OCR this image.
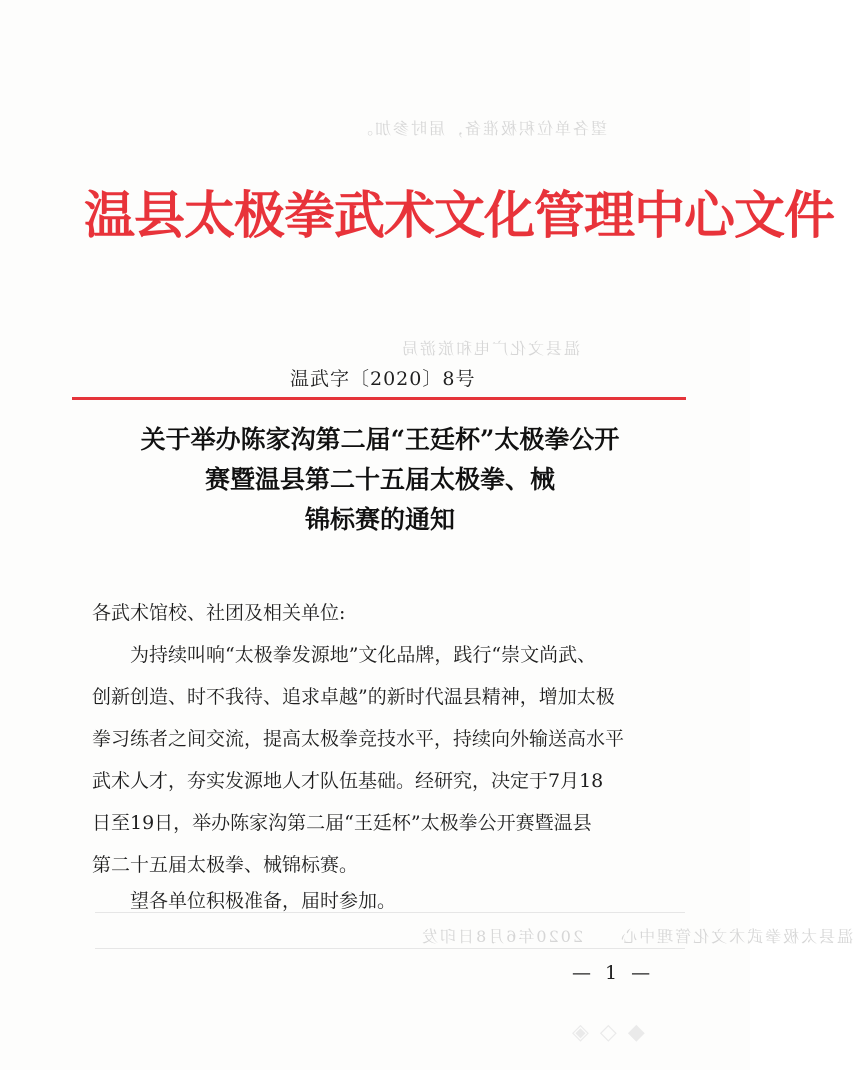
望各单位积极准备，届时参加。
温县文化广电和旅游局
温县太极拳武术文化管理中心　　2020年6月8日印发
温县太极拳武术文化管理中心文件
温武字〔2020〕8号
关于举办陈家沟第二届“王廷杯”太极拳公开
赛暨温县第二十五届太极拳、械
锦标赛的通知
各武术馆校、社团及相关单位:
为持续叫响“太极拳发源地”文化品牌，践行“崇文尚武、
创新创造、时不我待、追求卓越”的新时代温县精神，增加太极
拳习练者之间交流，提高太极拳竞技水平，持续向外输送高水平
武术人才，夯实发源地人才队伍基础。经研究，决定于7月18
日至19日，举办陈家沟第二届“王廷杯”太极拳公开赛暨温县
第二十五届太极拳、械锦标赛。
望各单位积极准备，届时参加。
— 1 —
◈ ◇ ◆
